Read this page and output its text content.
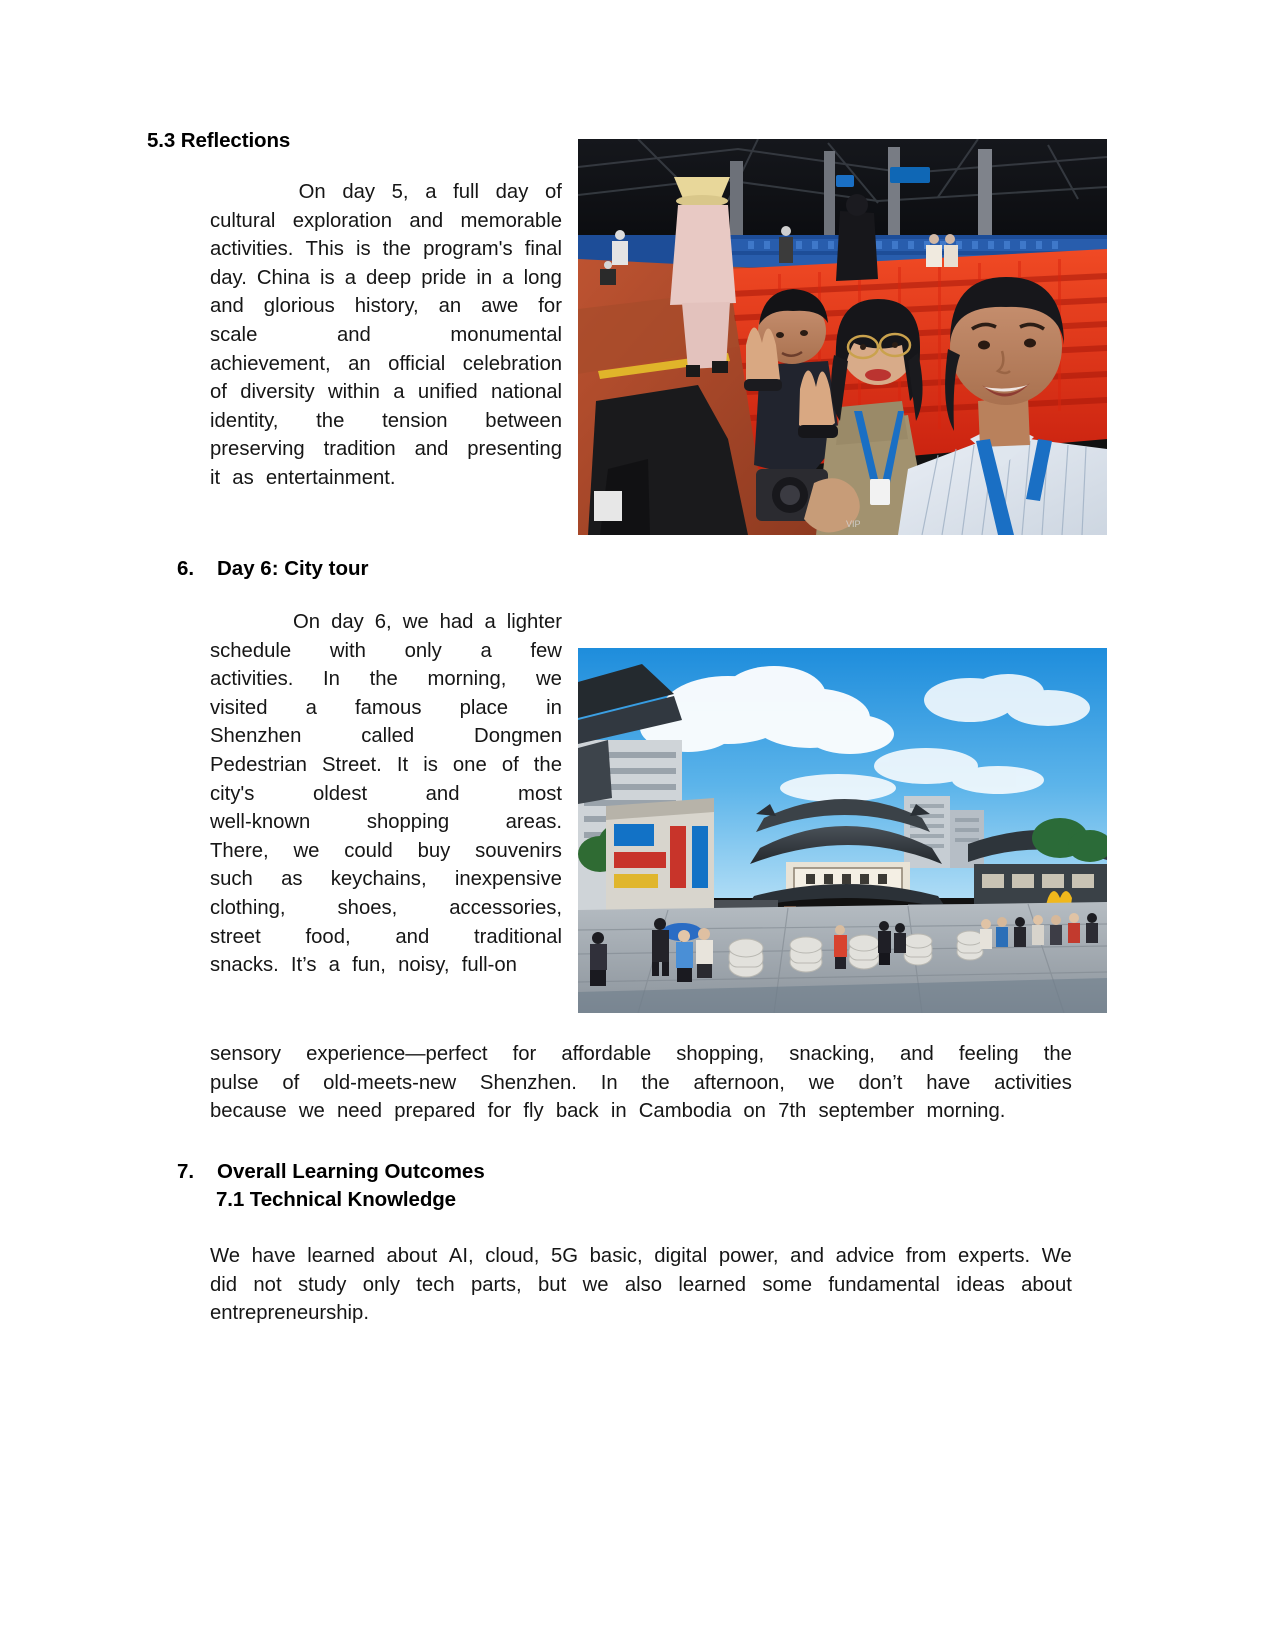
5.3 Reflections
On day 5, a full day of
cultural exploration and memorable
activities. This is the program's final
day. China is a deep pride in a long
and glorious history, an awe for
scale	and	monumental
achievement, an official celebration
of diversity within a unified national
identity, the tension between
preserving tradition and presenting
it as entertainment.
VIP
6.	Day 6: City tour
On day 6, we had a lighter
schedule with only a few
activities. In the morning, we
visited a famous place in
Shenzhen	called	Dongmen
Pedestrian Street. It is one of the
city's	oldest	and	most
well-known	shopping	areas.
There, we could buy souvenirs
such as keychains, inexpensive
clothing,	shoes,	accessories,
street food, and traditional
snacks. It’s a fun, noisy, full-on
sensory experience—perfect for affordable shopping, snacking, and feeling the
pulse of old-meets-new Shenzhen. In the afternoon, we don’t have activities
because we need prepared for fly back in Cambodia on 7th september morning.
7.	Overall Learning Outcomes
7.1 Technical Knowledge
We have learned about AI, cloud, 5G basic, digital power, and advice from experts. We
did not study only tech parts, but we also learned some fundamental ideas about
entrepreneurship.
